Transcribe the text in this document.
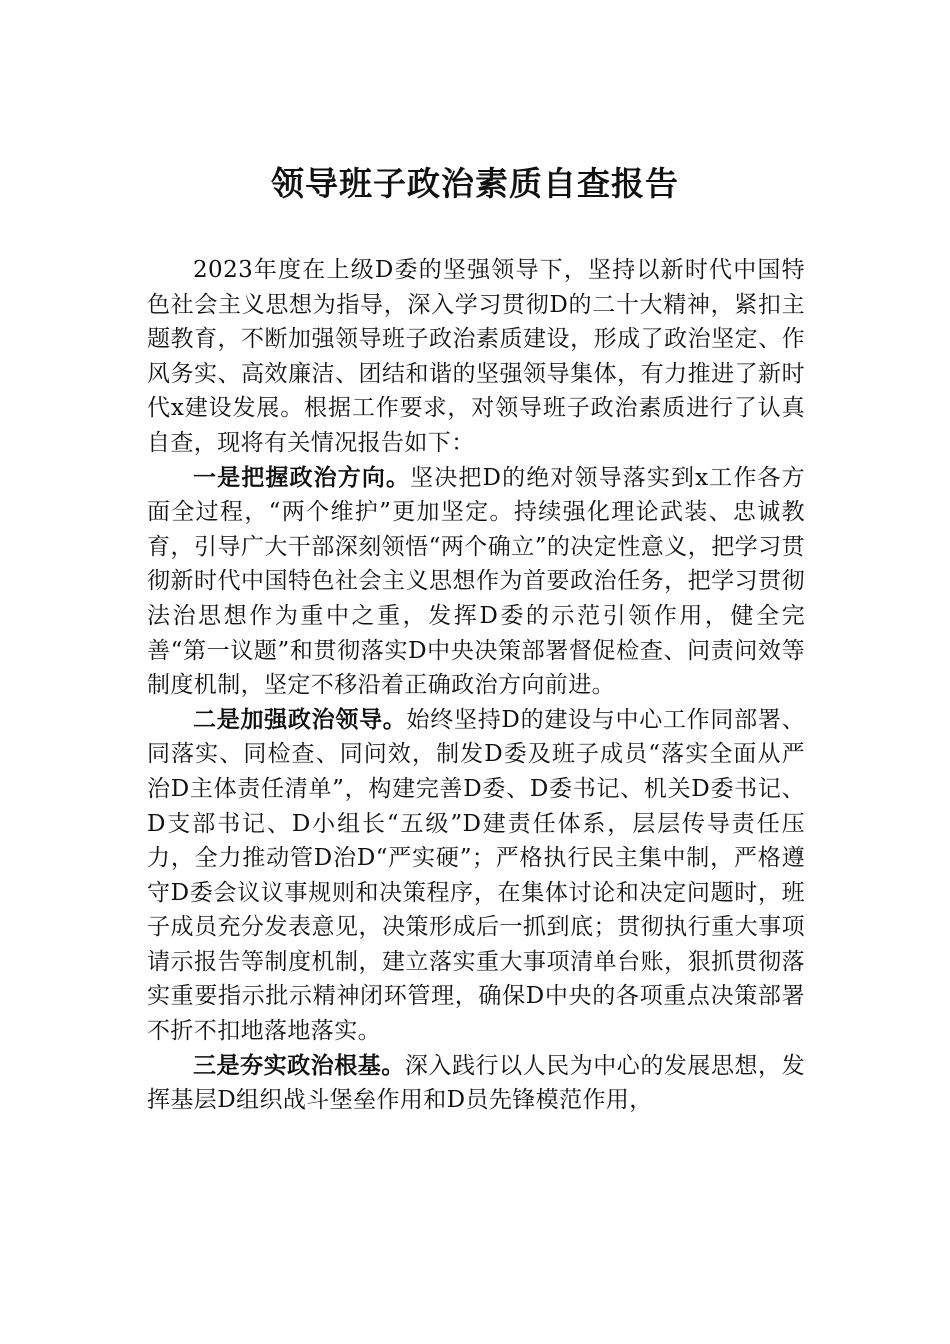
领导班子政治素质自查报告

2023年度在上级D委的坚强领导下，坚持以新时代中国特色社会主义思想为指导，深入学习贯彻D的二十大精神，紧扣主题教育，不断加强领导班子政治素质建设，形成了政治坚定、作风务实、高效廉洁、团结和谐的坚强领导集体，有力推进了新时代x建设发展。根据工作要求，对领导班子政治素质进行了认真自查，现将有关情况报告如下：

一是把握政治方向。坚决把D的绝对领导落实到x工作各方面全过程，“两个维护”更加坚定。持续强化理论武装、忠诚教育，引导广大干部深刻领悟“两个确立”的决定性意义，把学习贯彻新时代中国特色社会主义思想作为首要政治任务，把学习贯彻法治思想作为重中之重，发挥D委的示范引领作用，健全完善“第一议题”和贯彻落实D中央决策部署督促检查、问责问效等制度机制，坚定不移沿着正确政治方向前进。

二是加强政治领导。始终坚持D的建设与中心工作同部署、同落实、同检查、同问效，制发D委及班子成员“落实全面从严治D主体责任清单”，构建完善D委、D委书记、机关D委书记、D支部书记、D小组长“五级”D建责任体系，层层传导责任压力，全力推动管D治D“严实硬”；严格执行民主集中制，严格遵守D委会议议事规则和决策程序，在集体讨论和决定问题时，班子成员充分发表意见，决策形成后一抓到底；贯彻执行重大事项请示报告等制度机制，建立落实重大事项清单台账，狠抓贯彻落实重要指示批示精神闭环管理，确保D中央的各项重点决策部署不折不扣地落地落实。

三是夯实政治根基。深入践行以人民为中心的发展思想，发挥基层D组织战斗堡垒作用和D员先锋模范作用，
